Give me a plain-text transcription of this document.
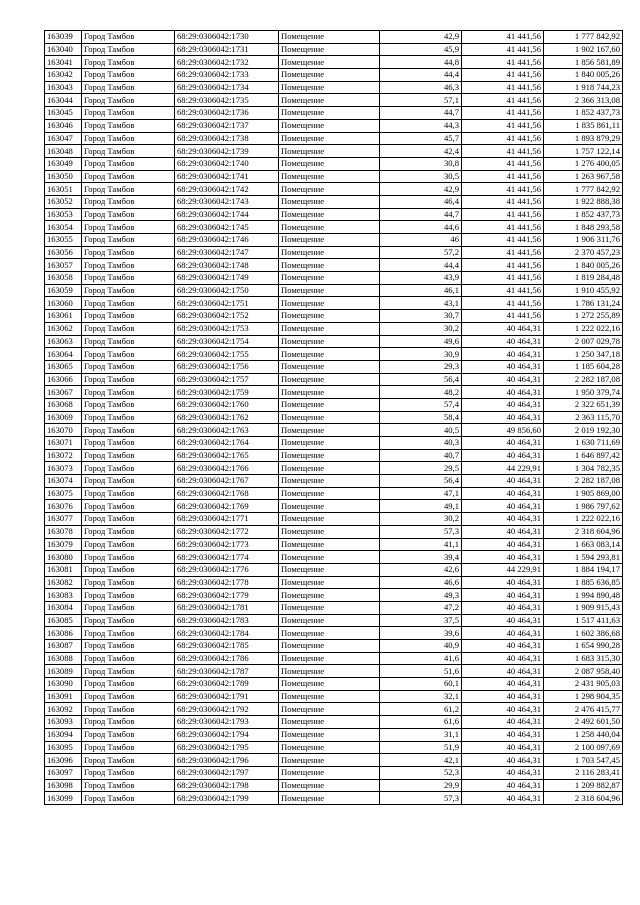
163039	Город Тамбов	68:29:0306042:1730	Помещение	42,9	41 441,56	1 777 842,92
163040	Город Тамбов	68:29:0306042:1731	Помещение	45,9	41 441,56	1 902 167,60
163041	Город Тамбов	68:29:0306042:1732	Помещение	44,8	41 441,56	1 856 581,89
163042	Город Тамбов	68:29:0306042:1733	Помещение	44,4	41 441,56	1 840 005,26
163043	Город Тамбов	68:29:0306042:1734	Помещение	46,3	41 441,56	1 918 744,23
163044	Город Тамбов	68:29:0306042:1735	Помещение	57,1	41 441,56	2 366 313,08
163045	Город Тамбов	68:29:0306042:1736	Помещение	44,7	41 441,56	1 852 437,73
163046	Город Тамбов	68:29:0306042:1737	Помещение	44,3	41 441,56	1 835 861,11
163047	Город Тамбов	68:29:0306042:1738	Помещение	45,7	41 441,56	1 893 879,29
163048	Город Тамбов	68:29:0306042:1739	Помещение	42,4	41 441,56	1 757 122,14
163049	Город Тамбов	68:29:0306042:1740	Помещение	30,8	41 441,56	1 276 400,05
163050	Город Тамбов	68:29:0306042:1741	Помещение	30,5	41 441,56	1 263 967,58
163051	Город Тамбов	68:29:0306042:1742	Помещение	42,9	41 441,56	1 777 842,92
163052	Город Тамбов	68:29:0306042:1743	Помещение	46,4	41 441,56	1 922 888,38
163053	Город Тамбов	68:29:0306042:1744	Помещение	44,7	41 441,56	1 852 437,73
163054	Город Тамбов	68:29:0306042:1745	Помещение	44,6	41 441,56	1 848 293,58
163055	Город Тамбов	68:29:0306042:1746	Помещение	46	41 441,56	1 906 311,76
163056	Город Тамбов	68:29:0306042:1747	Помещение	57,2	41 441,56	2 370 457,23
163057	Город Тамбов	68:29:0306042:1748	Помещение	44,4	41 441,56	1 840 005,26
163058	Город Тамбов	68:29:0306042:1749	Помещение	43,9	41 441,56	1 819 284,48
163059	Город Тамбов	68:29:0306042:1750	Помещение	46,1	41 441,56	1 910 455,92
163060	Город Тамбов	68:29:0306042:1751	Помещение	43,1	41 441,56	1 786 131,24
163061	Город Тамбов	68:29:0306042:1752	Помещение	30,7	41 441,56	1 272 255,89
163062	Город Тамбов	68:29:0306042:1753	Помещение	30,2	40 464,31	1 222 022,16
163063	Город Тамбов	68:29:0306042:1754	Помещение	49,6	40 464,31	2 007 029,78
163064	Город Тамбов	68:29:0306042:1755	Помещение	30,9	40 464,31	1 250 347,18
163065	Город Тамбов	68:29:0306042:1756	Помещение	29,3	40 464,31	1 185 604,28
163066	Город Тамбов	68:29:0306042:1757	Помещение	56,4	40 464,31	2 282 187,08
163067	Город Тамбов	68:29:0306042:1759	Помещение	48,2	40 464,31	1 950 379,74
163068	Город Тамбов	68:29:0306042:1760	Помещение	57,4	40 464,31	2 322 651,39
163069	Город Тамбов	68:29:0306042:1762	Помещение	58,4	40 464,31	2 363 115,70
163070	Город Тамбов	68:29:0306042:1763	Помещение	40,5	49 856,60	2 019 192,30
163071	Город Тамбов	68:29:0306042:1764	Помещение	40,3	40 464,31	1 630 711,69
163072	Город Тамбов	68:29:0306042:1765	Помещение	40,7	40 464,31	1 646 897,42
163073	Город Тамбов	68:29:0306042:1766	Помещение	29,5	44 229,91	1 304 782,35
163074	Город Тамбов	68:29:0306042:1767	Помещение	56,4	40 464,31	2 282 187,08
163075	Город Тамбов	68:29:0306042:1768	Помещение	47,1	40 464,31	1 905 869,00
163076	Город Тамбов	68:29:0306042:1769	Помещение	49,1	40 464,31	1 986 797,62
163077	Город Тамбов	68:29:0306042:1771	Помещение	30,2	40 464,31	1 222 022,16
163078	Город Тамбов	68:29:0306042:1772	Помещение	57,3	40 464,31	2 318 604,96
163079	Город Тамбов	68:29:0306042:1773	Помещение	41,1	40 464,31	1 663 083,14
163080	Город Тамбов	68:29:0306042:1774	Помещение	39,4	40 464,31	1 594 293,81
163081	Город Тамбов	68:29:0306042:1776	Помещение	42,6	44 229,91	1 884 194,17
163082	Город Тамбов	68:29:0306042:1778	Помещение	46,6	40 464,31	1 885 636,85
163083	Город Тамбов	68:29:0306042:1779	Помещение	49,3	40 464,31	1 994 890,48
163084	Город Тамбов	68:29:0306042:1781	Помещение	47,2	40 464,31	1 909 915,43
163085	Город Тамбов	68:29:0306042:1783	Помещение	37,5	40 464,31	1 517 411,63
163086	Город Тамбов	68:29:0306042:1784	Помещение	39,6	40 464,31	1 602 386,68
163087	Город Тамбов	68:29:0306042:1785	Помещение	40,9	40 464,31	1 654 990,28
163088	Город Тамбов	68:29:0306042:1786	Помещение	41,6	40 464,31	1 683 315,30
163089	Город Тамбов	68:29:0306042:1787	Помещение	51,6	40 464,31	2 087 958,40
163090	Город Тамбов	68:29:0306042:1789	Помещение	60,1	40 464,31	2 431 905,03
163091	Город Тамбов	68:29:0306042:1791	Помещение	32,1	40 464,31	1 298 904,35
163092	Город Тамбов	68:29:0306042:1792	Помещение	61,2	40 464,31	2 476 415,77
163093	Город Тамбов	68:29:0306042:1793	Помещение	61,6	40 464,31	2 492 601,50
163094	Город Тамбов	68:29:0306042:1794	Помещение	31,1	40 464,31	1 258 440,04
163095	Город Тамбов	68:29:0306042:1795	Помещение	51,9	40 464,31	2 100 097,69
163096	Город Тамбов	68:29:0306042:1796	Помещение	42,1	40 464,31	1 703 547,45
163097	Город Тамбов	68:29:0306042:1797	Помещение	52,3	40 464,31	2 116 283,41
163098	Город Тамбов	68:29:0306042:1798	Помещение	29,9	40 464,31	1 209 882,87
163099	Город Тамбов	68:29:0306042:1799	Помещение	57,3	40 464,31	2 318 604,96
